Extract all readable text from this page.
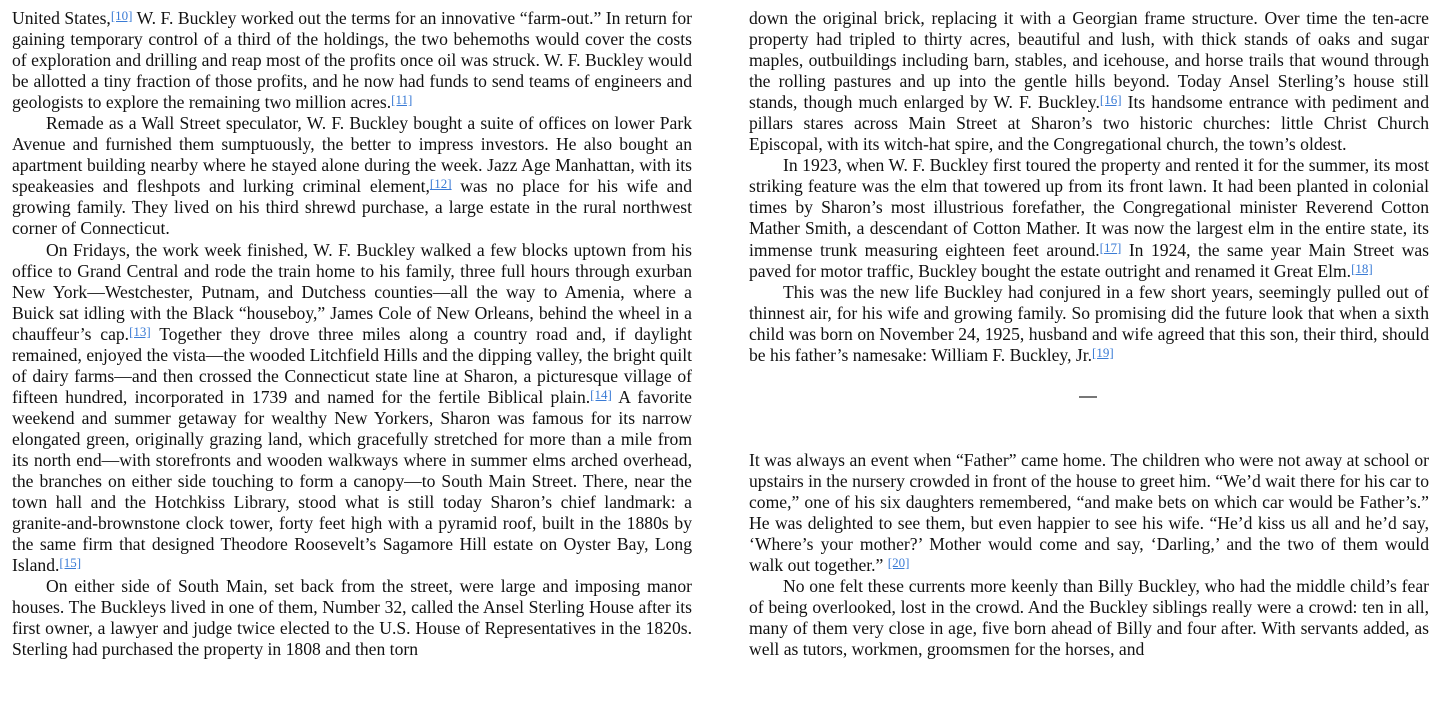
United States,[10] W. F. Buckley worked out the terms for an innovative “farm-out.” In return for gaining temporary control of a third of the holdings, the two behemoths would cover the costs of exploration and drilling and reap most of the profits once oil was struck. W. F. Buckley would be allotted a tiny fraction of those profits, and he now had funds to send teams of engineers and geologists to explore the remaining two million acres.[11]

Remade as a Wall Street speculator, W. F. Buckley bought a suite of offices on lower Park Avenue and furnished them sumptuously, the better to impress investors. He also bought an apartment building nearby where he stayed alone during the week. Jazz Age Manhattan, with its speakeasies and fleshpots and lurking criminal element,[12] was no place for his wife and growing family. They lived on his third shrewd purchase, a large estate in the rural northwest corner of Connecticut.

On Fridays, the work week finished, W. F. Buckley walked a few blocks uptown from his office to Grand Central and rode the train home to his family, three full hours through exurban New York—Westchester, Putnam, and Dutchess counties—all the way to Amenia, where a Buick sat idling with the Black “houseboy,” James Cole of New Orleans, behind the wheel in a chauffeur’s cap.[13] Together they drove three miles along a country road and, if daylight remained, enjoyed the vista—the wooded Litchfield Hills and the dipping valley, the bright quilt of dairy farms—and then crossed the Connecticut state line at Sharon, a picturesque village of fifteen hundred, incorporated in 1739 and named for the fertile Biblical plain.[14] A favorite weekend and summer getaway for wealthy New Yorkers, Sharon was famous for its narrow elongated green, originally grazing land, which gracefully stretched for more than a mile from its north end—with storefronts and wooden walkways where in summer elms arched overhead, the branches on either side touching to form a canopy—to South Main Street. There, near the town hall and the Hotchkiss Library, stood what is still today Sharon’s chief landmark: a granite-and-brownstone clock tower, forty feet high with a pyramid roof, built in the 1880s by the same firm that designed Theodore Roosevelt’s Sagamore Hill estate on Oyster Bay, Long Island.[15]

On either side of South Main, set back from the street, were large and imposing manor houses. The Buckleys lived in one of them, Number 32, called the Ansel Sterling House after its first owner, a lawyer and judge twice elected to the U.S. House of Representatives in the 1820s. Sterling had purchased the property in 1808 and then torn

down the original brick, replacing it with a Georgian frame structure. Over time the ten-acre property had tripled to thirty acres, beautiful and lush, with thick stands of oaks and sugar maples, outbuildings including barn, stables, and icehouse, and horse trails that wound through the rolling pastures and up into the gentle hills beyond. Today Ansel Sterling’s house still stands, though much enlarged by W. F. Buckley.[16] Its handsome entrance with pediment and pillars stares across Main Street at Sharon’s two historic churches: little Christ Church Episcopal, with its witch-hat spire, and the Congregational church, the town’s oldest.

In 1923, when W. F. Buckley first toured the property and rented it for the summer, its most striking feature was the elm that towered up from its front lawn. It had been planted in colonial times by Sharon’s most illustrious forefather, the Congregational minister Reverend Cotton Mather Smith, a descendant of Cotton Mather. It was now the largest elm in the entire state, its immense trunk measuring eighteen feet around.[17] In 1924, the same year Main Street was paved for motor traffic, Buckley bought the estate outright and renamed it Great Elm.[18]

This was the new life Buckley had conjured in a few short years, seemingly pulled out of thinnest air, for his wife and growing family. So promising did the future look that when a sixth child was born on November 24, 1925, husband and wife agreed that this son, their third, should be his father’s namesake: William F. Buckley, Jr.[19]

It was always an event when “Father” came home. The children who were not away at school or upstairs in the nursery crowded in front of the house to greet him. “We’d wait there for his car to come,” one of his six daughters remembered, “and make bets on which car would be Father’s.” He was delighted to see them, but even happier to see his wife. “He’d kiss us all and he’d say, ‘Where’s your mother?’ Mother would come and say, ‘Darling,’ and the two of them would walk out together.” [20]

No one felt these currents more keenly than Billy Buckley, who had the middle child’s fear of being overlooked, lost in the crowd. And the Buckley siblings really were a crowd: ten in all, many of them very close in age, five born ahead of Billy and four after. With servants added, as well as tutors, workmen, groomsmen for the horses, and
